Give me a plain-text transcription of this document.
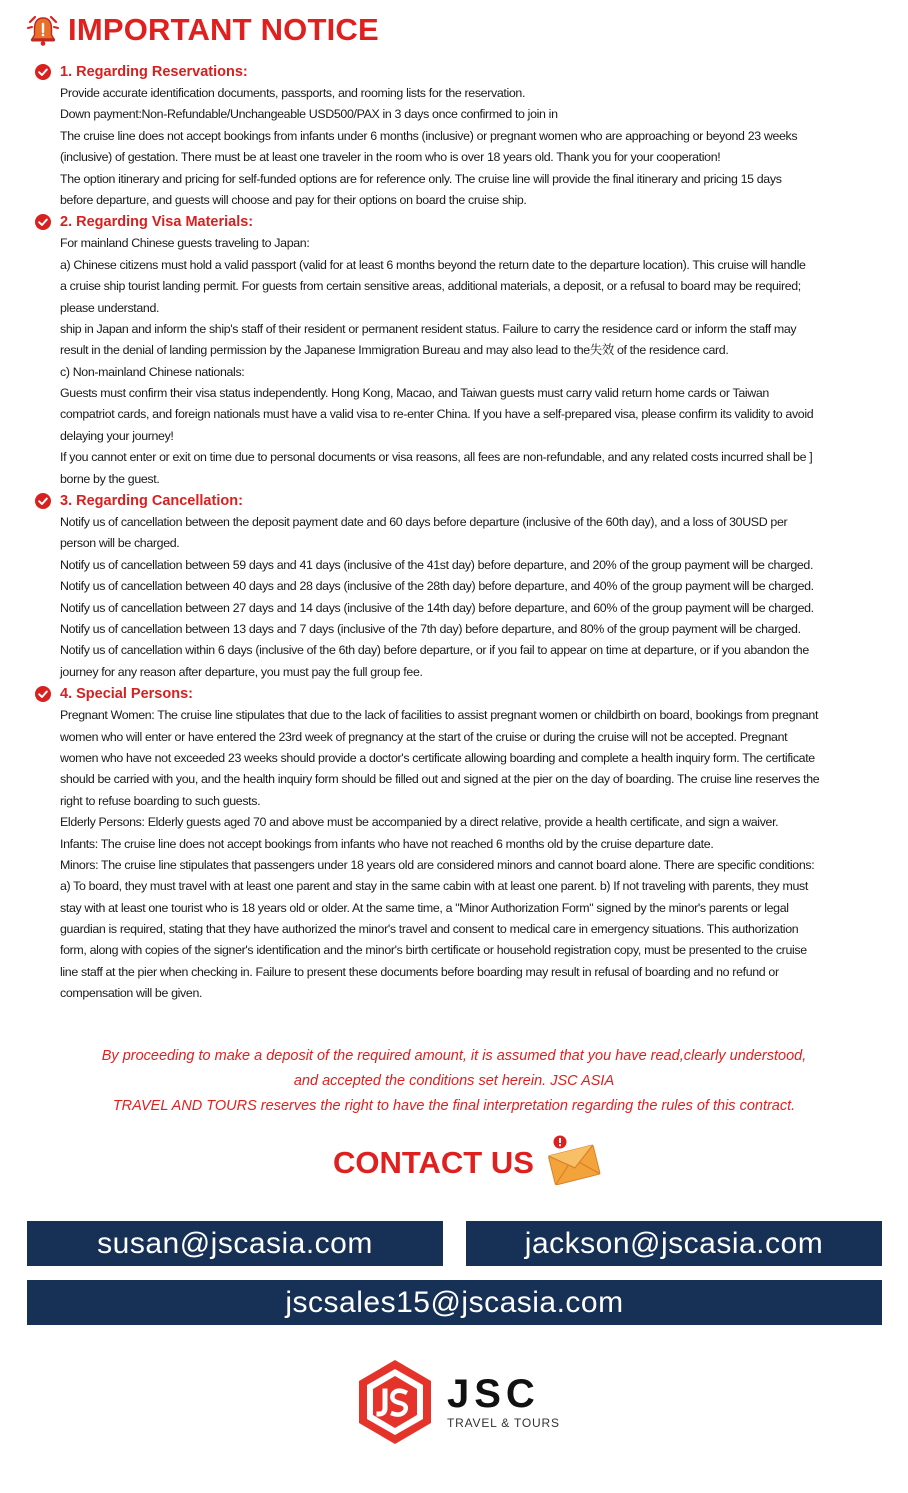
IMPORTANT NOTICE
1. Regarding Reservations:
Provide accurate identification documents, passports, and rooming lists for the reservation.
Down payment:Non-Refundable/Unchangeable USD500/PAX in 3 days once confirmed to join in
The cruise line does not accept bookings from infants under 6 months (inclusive) or pregnant women who are approaching or beyond 23 weeks
(inclusive) of gestation. There must be at least one traveler in the room who is over 18 years old. Thank you for your cooperation!
The option itinerary and pricing for self-funded options are for reference only. The cruise line will provide the final itinerary and pricing 15 days
before departure, and guests will choose and pay for their options on board the cruise ship.
2. Regarding Visa Materials:
For mainland Chinese guests traveling to Japan:
a) Chinese citizens must hold a valid passport (valid for at least 6 months beyond the return date to the departure location). This cruise will handle
a cruise ship tourist landing permit. For guests from certain sensitive areas, additional materials, a deposit, or a refusal to board may be required;
please understand.
ship in Japan and inform the ship's staff of their resident or permanent resident status. Failure to carry the residence card or inform the staff may
result in the denial of landing permission by the Japanese Immigration Bureau and may also lead to the失效 of the residence card.
c) Non-mainland Chinese nationals:
Guests must confirm their visa status independently. Hong Kong, Macao, and Taiwan guests must carry valid return home cards or Taiwan
compatriot cards, and foreign nationals must have a valid visa to re-enter China. If you have a self-prepared visa, please confirm its validity to avoid
delaying your journey!
If you cannot enter or exit on time due to personal documents or visa reasons, all fees are non-refundable, and any related costs incurred shall be ]
borne by the guest.
3. Regarding Cancellation:
Notify us of cancellation between the deposit payment date and 60 days before departure (inclusive of the 60th day), and a loss of 30USD per
person will be charged.
Notify us of cancellation between 59 days and 41 days (inclusive of the 41st day) before departure, and 20% of the group payment will be charged.
Notify us of cancellation between 40 days and 28 days (inclusive of the 28th day) before departure, and 40% of the group payment will be charged.
Notify us of cancellation between 27 days and 14 days (inclusive of the 14th day) before departure, and 60% of the group payment will be charged.
Notify us of cancellation between 13 days and 7 days (inclusive of the 7th day) before departure, and 80% of the group payment will be charged.
Notify us of cancellation within 6 days (inclusive of the 6th day) before departure, or if you fail to appear on time at departure, or if you abandon the
journey for any reason after departure, you must pay the full group fee.
4. Special Persons:
Pregnant Women: The cruise line stipulates that due to the lack of facilities to assist pregnant women or childbirth on board, bookings from pregnant
women who will enter or have entered the 23rd week of pregnancy at the start of the cruise or during the cruise will not be accepted. Pregnant
women who have not exceeded 23 weeks should provide a doctor's certificate allowing boarding and complete a health inquiry form. The certificate
should be carried with you, and the health inquiry form should be filled out and signed at the pier on the day of boarding. The cruise line reserves the
right to refuse boarding to such guests.
Elderly Persons: Elderly guests aged 70 and above must be accompanied by a direct relative, provide a health certificate, and sign a waiver.
Infants: The cruise line does not accept bookings from infants who have not reached 6 months old by the cruise departure date.
Minors: The cruise line stipulates that passengers under 18 years old are considered minors and cannot board alone. There are specific conditions:
a) To board, they must travel with at least one parent and stay in the same cabin with at least one parent. b) If not traveling with parents, they must
stay with at least one tourist who is 18 years old or older. At the same time, a "Minor Authorization Form" signed by the minor's parents or legal
guardian is required, stating that they have authorized the minor's travel and consent to medical care in emergency situations. This authorization
form, along with copies of the signer's identification and the minor's birth certificate or household registration copy, must be presented to the cruise
line staff at the pier when checking in. Failure to present these documents before boarding may result in refusal of boarding and no refund or
compensation will be given.
By proceeding to make a deposit of the required amount, it is assumed that you have read,clearly understood,
and accepted the conditions set herein. JSC ASIA
TRAVEL AND TOURS reserves the right to have the final interpretation regarding the rules of this contract.
CONTACT US
susan@jscasia.com	jackson@jscasia.com
jscsales15@jscasia.com
JSC
TRAVEL & TOURS
